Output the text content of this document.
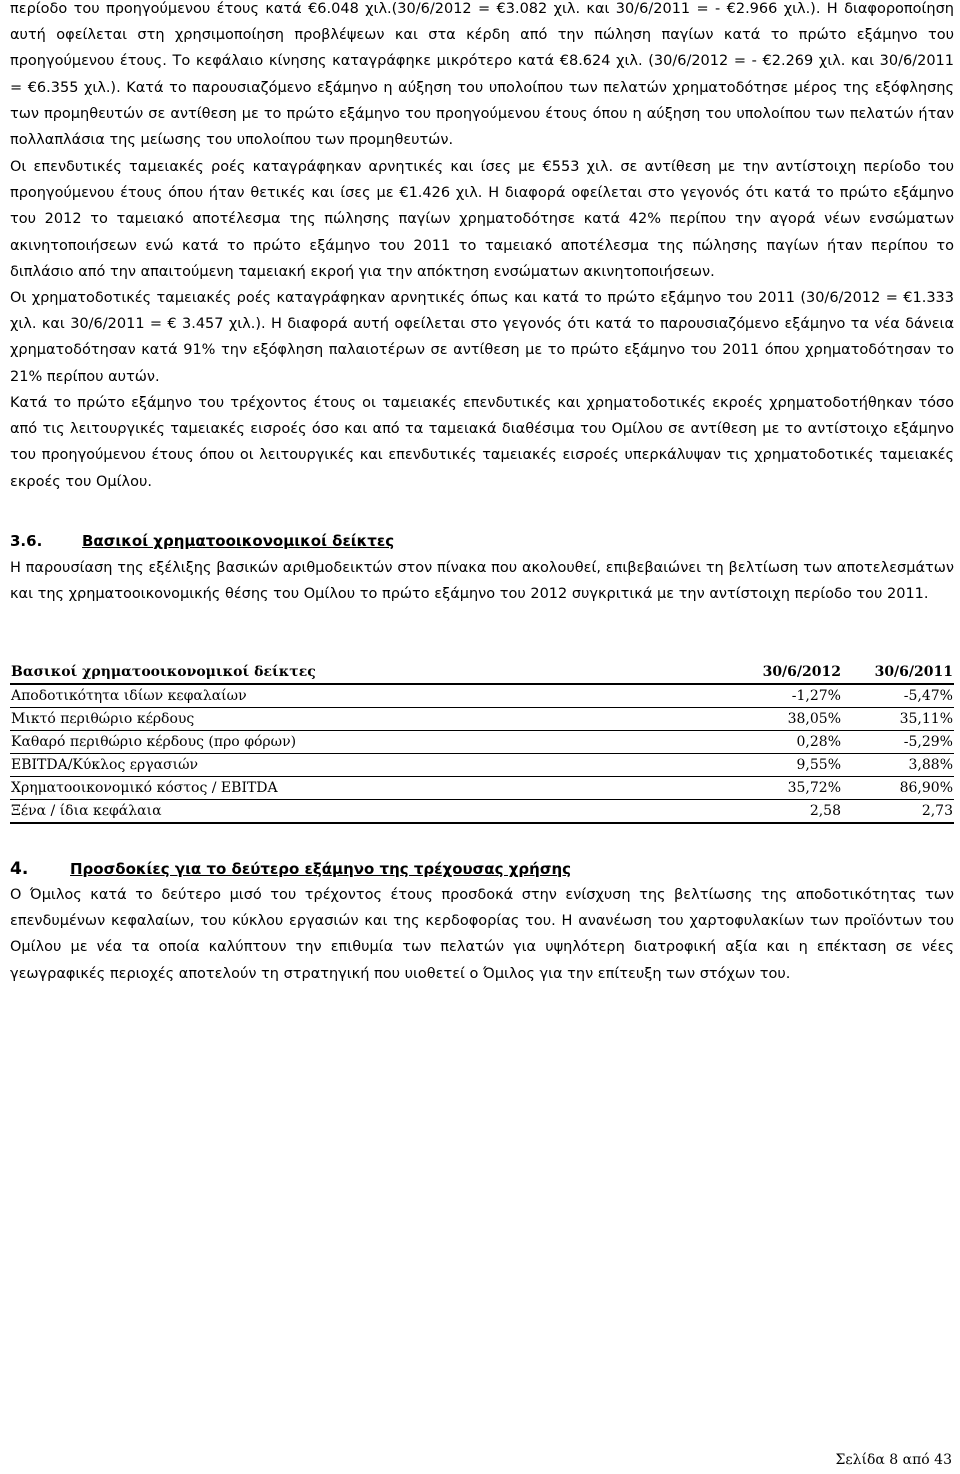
περίοδο του προηγούμενου έτους κατά €6.048 χιλ.(30/6/2012 = €3.082 χιλ. και 30/6/2011 = - €2.966 χιλ.). Η διαφοροποίηση αυτή οφείλεται στη χρησιμοποίηση προβλέψεων και στα κέρδη από την πώληση παγίων κατά το πρώτο εξάμηνο του προηγούμενου έτους. Το κεφάλαιο κίνησης καταγράφηκε μικρότερο κατά €8.624 χιλ. (30/6/2012 = - €2.269 χιλ. και 30/6/2011 = €6.355 χιλ.). Κατά το παρουσιαζόμενο εξάμηνο η αύξηση του υπολοίπου των πελατών χρηματοδότησε μέρος της εξόφλησης των προμηθευτών σε αντίθεση με το πρώτο εξάμηνο του προηγούμενου έτους όπου η αύξηση του υπολοίπου των πελατών ήταν πολλαπλάσια της μείωσης του υπολοίπου των προμηθευτών.

Οι επενδυτικές ταμειακές ροές καταγράφηκαν αρνητικές και ίσες με €553 χιλ. σε αντίθεση με την αντίστοιχη περίοδο του προηγούμενου έτους όπου ήταν θετικές και ίσες με €1.426 χιλ. Η διαφορά οφείλεται στο γεγονός ότι κατά το πρώτο εξάμηνο του 2012 το ταμειακό αποτέλεσμα της πώλησης παγίων χρηματοδότησε κατά 42% περίπου την αγορά νέων ενσώματων ακινητοποιήσεων ενώ κατά το πρώτο εξάμηνο του 2011 το ταμειακό αποτέλεσμα της πώλησης παγίων ήταν περίπου το διπλάσιο από την απαιτούμενη ταμειακή εκροή για την απόκτηση ενσώματων ακινητοποιήσεων.

Οι χρηματοδοτικές ταμειακές ροές καταγράφηκαν αρνητικές όπως και κατά το πρώτο εξάμηνο του 2011 (30/6/2012 = €1.333 χιλ. και 30/6/2011 = € 3.457 χιλ.). Η διαφορά αυτή οφείλεται στο γεγονός ότι κατά το παρουσιαζόμενο εξάμηνο τα νέα δάνεια χρηματοδότησαν κατά 91% την εξόφληση παλαιοτέρων σε αντίθεση με το πρώτο εξάμηνο του 2011 όπου χρηματοδότησαν το 21% περίπου αυτών.

Κατά το πρώτο εξάμηνο του τρέχοντος έτους οι ταμειακές επενδυτικές και χρηματοδοτικές εκροές χρηματοδοτήθηκαν τόσο από τις λειτουργικές ταμειακές εισροές όσο και από τα ταμειακά διαθέσιμα του Ομίλου σε αντίθεση με το αντίστοιχο εξάμηνο του προηγούμενου έτους όπου οι λειτουργικές και επενδυτικές ταμειακές εισροές υπερκάλυψαν τις χρηματοδοτικές ταμειακές εκροές του Ομίλου.

3.6.	Βασικοί χρηματοοικονομικοί δείκτες

Η παρουσίαση της εξέλιξης βασικών αριθμοδεικτών στον πίνακα που ακολουθεί, επιβεβαιώνει τη βελτίωση των αποτελεσμάτων και της χρηματοοικονομικής θέσης του Ομίλου το πρώτο εξάμηνο του 2012 συγκριτικά με την αντίστοιχη περίοδο του 2011.

Βασικοί χρηματοοικονομικοί δείκτες	30/6/2012	30/6/2011
Αποδοτικότητα ιδίων κεφαλαίων	-1,27%	-5,47%
Μικτό περιθώριο κέρδους	38,05%	35,11%
Καθαρό περιθώριο κέρδους (προ φόρων)	0,28%	-5,29%
EBITDA/Κύκλος εργασιών	9,55%	3,88%
Χρηματοοικονομικό κόστος / EBITDA	35,72%	86,90%
Ξένα / ίδια κεφάλαια	2,58	2,73
4.	Προσδοκίες για το δεύτερο εξάμηνο της τρέχουσας χρήσης

Ο Όμιλος κατά το δεύτερο μισό του τρέχοντος έτους προσδοκά στην ενίσχυση της βελτίωσης της αποδοτικότητας των επενδυμένων κεφαλαίων, του κύκλου εργασιών και της κερδοφορίας του. Η ανανέωση του χαρτοφυλακίων των προϊόντων του Ομίλου με νέα τα οποία καλύπτουν την επιθυμία των πελατών για υψηλότερη διατροφική αξία και η επέκταση σε νέες γεωγραφικές περιοχές αποτελούν τη στρατηγική που υιοθετεί ο Όμιλος για την επίτευξη των στόχων του.

Σελίδα 8 από 43
